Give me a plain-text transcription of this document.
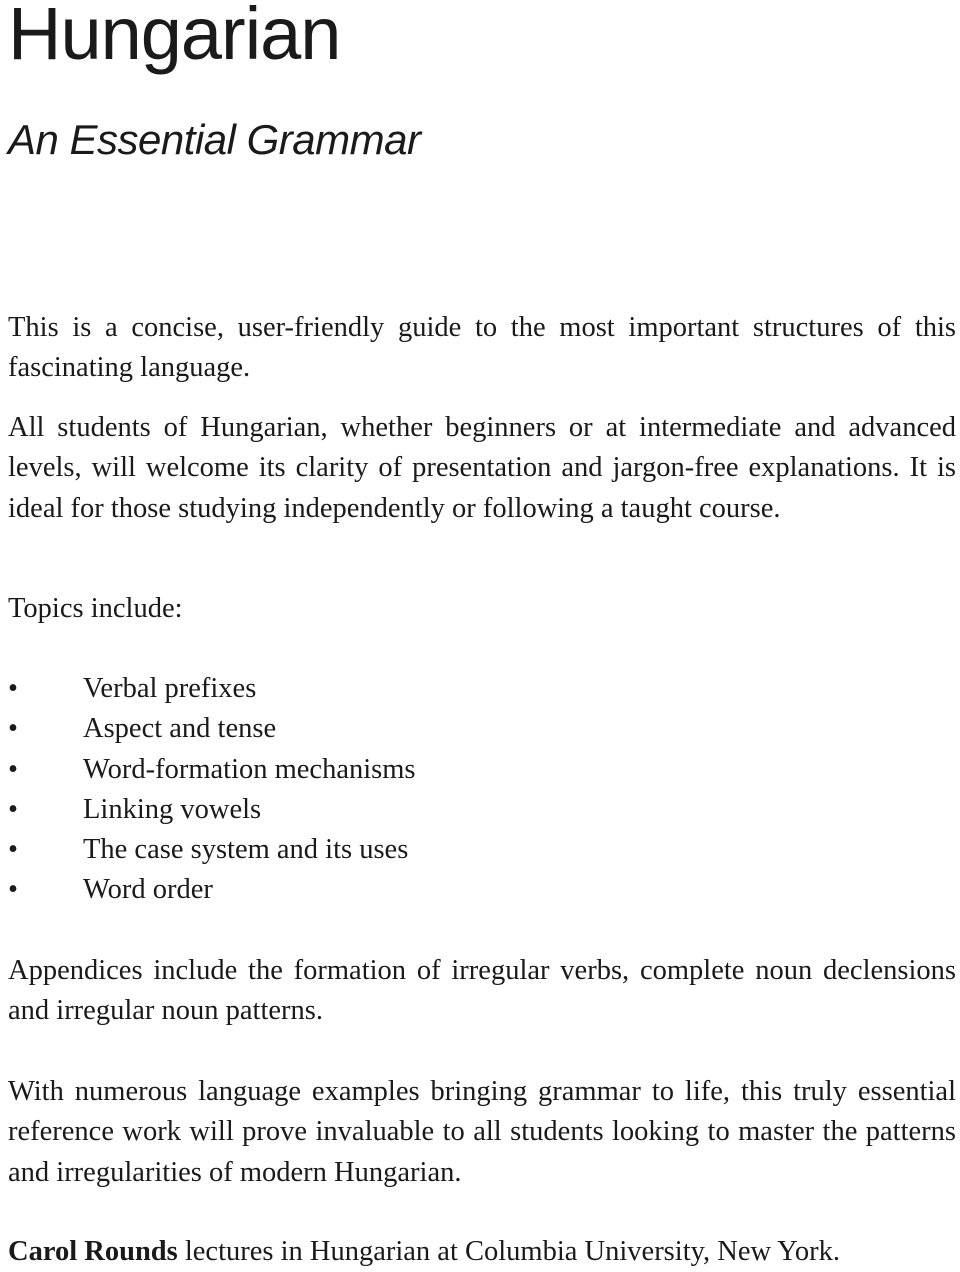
Hungarian
An Essential Grammar

This is a concise, user-friendly guide to the most important structures of this fascinating language.

All students of Hungarian, whether beginners or at intermediate and advanced levels, will welcome its clarity of presentation and jargon-free explanations. It is ideal for those studying independently or following a taught course.

Topics include:

•	Verbal prefixes
•	Aspect and tense
•	Word-formation mechanisms
•	Linking vowels
•	The case system and its uses
•	Word order

Appendices include the formation of irregular verbs, complete noun declensions and irregular noun patterns.

With numerous language examples bringing grammar to life, this truly essential reference work will prove invaluable to all students looking to master the patterns and irregularities of modern Hungarian.

Carol Rounds lectures in Hungarian at Columbia University, New York.
